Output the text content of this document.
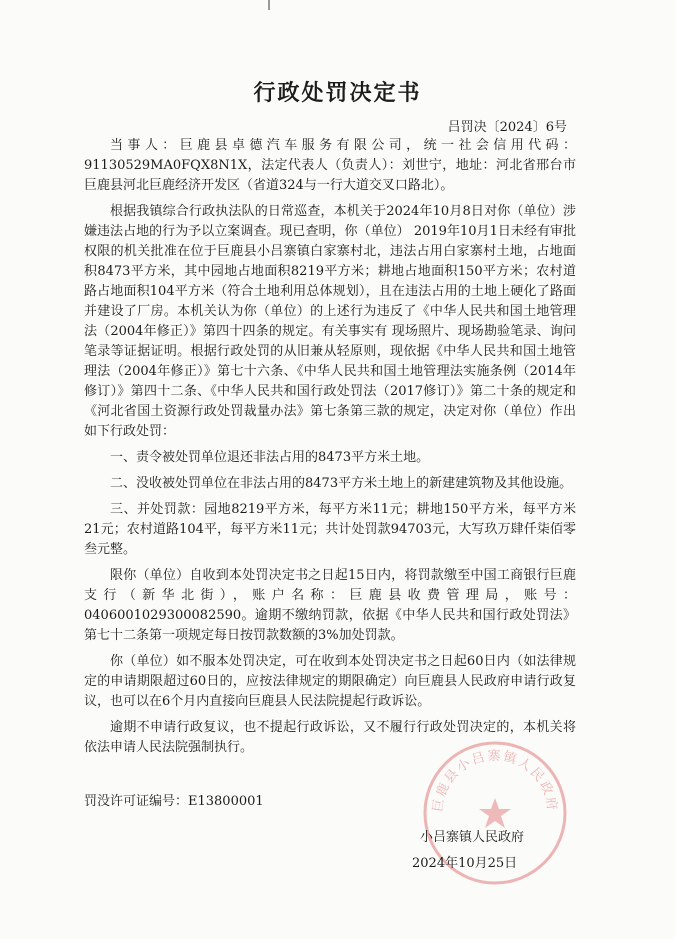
行政处罚决定书
吕罚决〔2024〕6号

当事人：巨鹿县卓德汽车服务有限公司，统一社会信用代码：91130529MA0FQX8N1X，法定代表人（负责人）：刘世宁，地址：河北省邢台市巨鹿县河北巨鹿经济开发区（省道324与一行大道交叉口路北）。

根据我镇综合行政执法队的日常巡查，本机关于2024年10月8日对你（单位）涉嫌违法占地的行为予以立案调查。现已查明，你（单位） 2019年10月1日未经有审批权限的机关批准在位于巨鹿县小吕寨镇白家寨村北，违法占用白家寨村土地，占地面积8473平方米，其中园地占地面积8219平方米；耕地占地面积150平方米；农村道路占地面积104平方米（符合土地利用总体规划），且在违法占用的土地上硬化了路面并建设了厂房。本机关认为你（单位）的上述行为违反了《中华人民共和国土地管理法（2004年修正）》第四十四条的规定。有关事实有 现场照片、现场勘验笔录、询问笔录等证据证明。根据行政处罚的从旧兼从轻原则，现依据《中华人民共和国土地管理法（2004年修正）》第七十六条、《中华人民共和国土地管理法实施条例（2014年修订）》第四十二条、《中华人民共和国行政处罚法（2017修订）》第二十条的规定和《河北省国土资源行政处罚裁量办法》第七条第三款的规定，决定对你（单位）作出如下行政处罚：

一、责令被处罚单位退还非法占用的8473平方米土地。

二、没收被处罚单位在非法占用的8473平方米土地上的新建建筑物及其他设施。

三、并处罚款：园地8219平方米，每平方米11元；耕地150平方米，每平方米21元；农村道路104平，每平方米11元；共计处罚款94703元，大写玖万肆仟柒佰零叁元整。

限你（单位）自收到本处罚决定书之日起15日内，将罚款缴至中国工商银行巨鹿支行（新华北街），账户名称：巨鹿县收费管理局，账号：0406001029300082590。逾期不缴纳罚款，依据《中华人民共和国行政处罚法》第七十二条第一项规定每日按罚款数额的3%加处罚款。

你（单位）如不服本处罚决定，可在收到本处罚决定书之日起60日内（如法律规定的申请期限超过60日的，应按法律规定的期限确定）向巨鹿县人民政府申请行政复议，也可以在6个月内直接向巨鹿县人民法院提起行政诉讼。

逾期不申请行政复议，也不提起行政诉讼，又不履行行政处罚决定的，本机关将依法申请人民法院强制执行。

罚没许可证编号：E13800001	巨鹿县小吕寨镇人民政府
小吕寨镇人民政府
2024年10月25日
